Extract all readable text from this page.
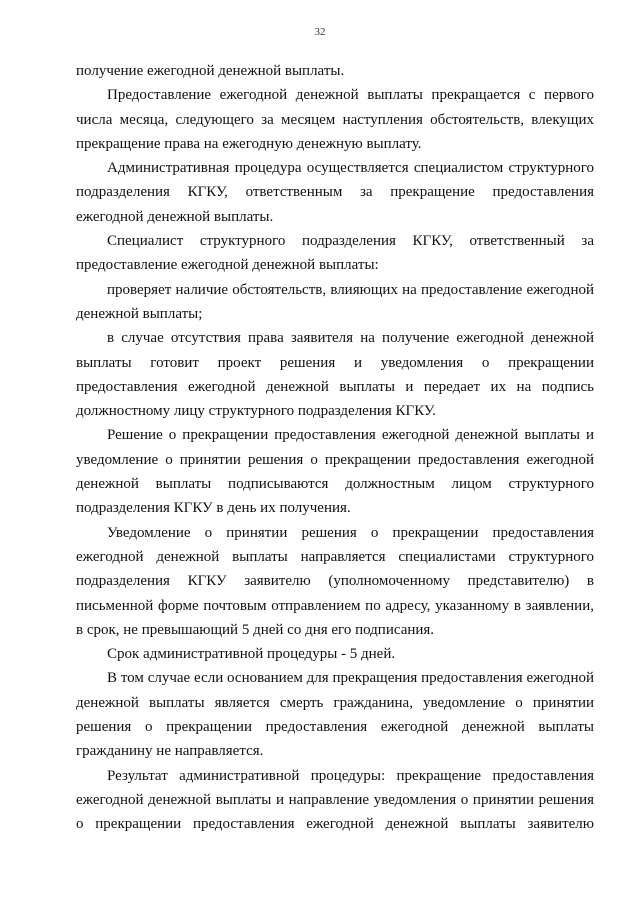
32

получение ежегодной денежной выплаты.

Предоставление ежегодной денежной выплаты прекращается с первого числа месяца, следующего за месяцем наступления обстоятельств, влекущих прекращение права на ежегодную денежную выплату.

Административная процедура осуществляется специалистом структурного подразделения КГКУ, ответственным за прекращение предоставления ежегодной денежной выплаты.

Специалист структурного подразделения КГКУ, ответственный за предоставление ежегодной денежной выплаты:

проверяет наличие обстоятельств, влияющих на предоставление ежегодной денежной выплаты;

в случае отсутствия права заявителя на получение ежегодной денежной выплаты готовит проект решения и уведомления о прекращении предоставления ежегодной денежной выплаты и передает их на подпись должностному лицу структурного подразделения КГКУ.

Решение о прекращении предоставления ежегодной денежной выплаты и уведомление о принятии решения о прекращении предоставления ежегодной денежной выплаты подписываются должностным лицом структурного подразделения КГКУ в день их получения.

Уведомление о принятии решения о прекращении предоставления ежегодной денежной выплаты направляется специалистами структурного подразделения КГКУ заявителю (уполномоченному представителю) в письменной форме почтовым отправлением по адресу, указанному в заявлении, в срок, не превышающий 5 дней со дня его подписания.

Срок административной процедуры - 5 дней.

В том случае если основанием для прекращения предоставления ежегодной денежной выплаты является смерть гражданина, уведомление о принятии решения о прекращении предоставления ежегодной денежной выплаты гражданину не направляется.

Результат административной процедуры: прекращение предоставления ежегодной денежной выплаты и направление уведомления о принятии решения о прекращении предоставления ежегодной денежной выплаты заявителю
